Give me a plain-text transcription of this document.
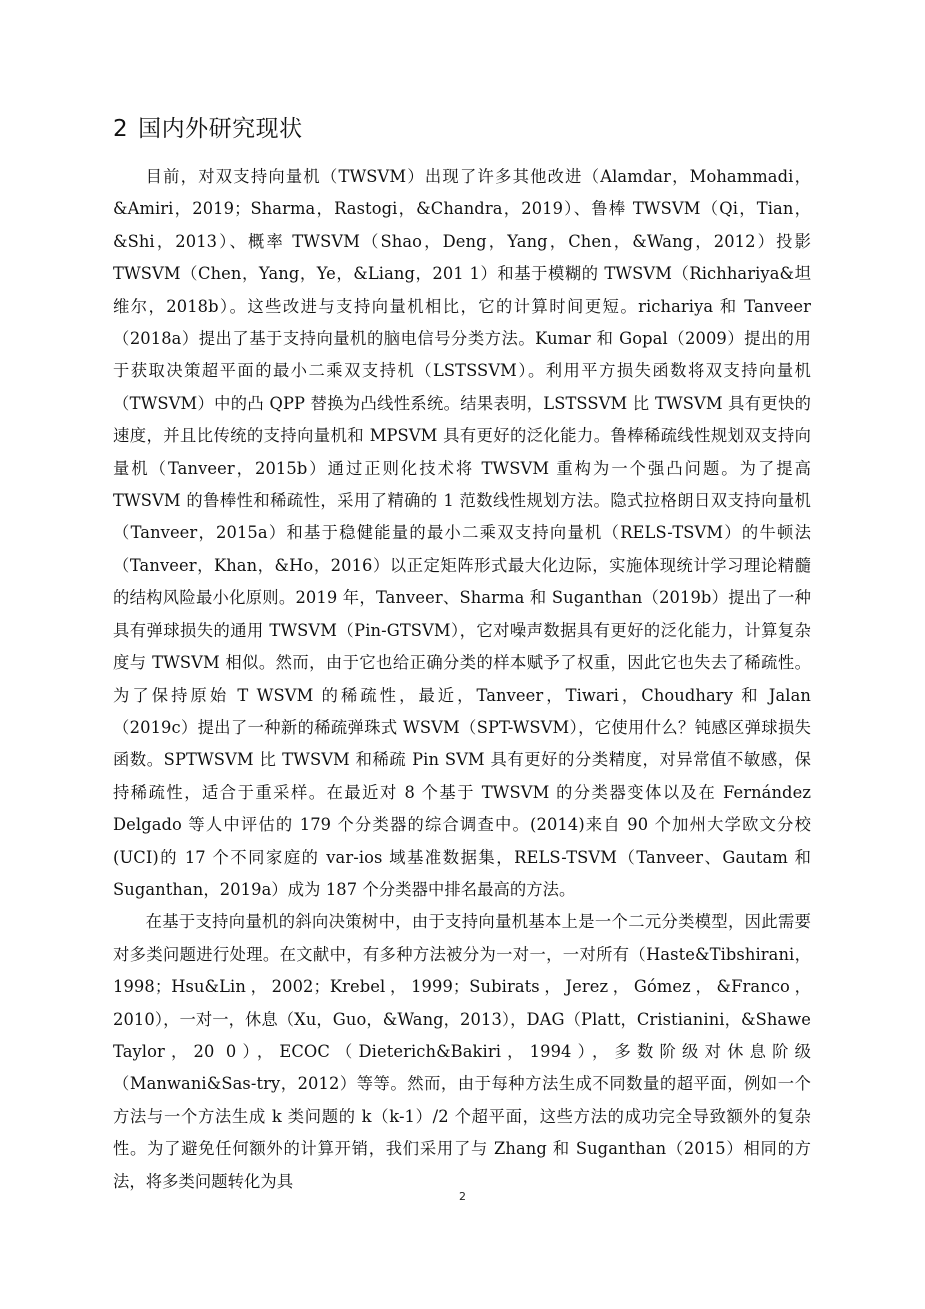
2 国内外研究现状

目前，对双支持向量机（TWSVM）出现了许多其他改进（Alamdar，Mohammadi，&Amiri，2019；Sharma，Rastogi，&Chandra，2019）、鲁棒 TWSVM（Qi，Tian，&Shi，2013）、概率 TWSVM（Shao，Deng，Yang，Chen，&Wang，2012）投影 TWSVM（Chen，Yang，Ye，&Liang，201 1）和基于模糊的 TWSVM（Richhariya&坦维尔，2018b）。这些改进与支持向量机相比，它的计算时间更短。richariya 和 Tanveer（2018a）提出了基于支持向量机的脑电信号分类方法。Kumar 和 Gopal（2009）提出的用于获取决策超平面的最小二乘双支持机（LSTSSVM）。利用平方损失函数将双支持向量机（TWSVM）中的凸 QPP 替换为凸线性系统。结果表明，LSTSSVM 比 TWSVM 具有更快的速度，并且比传统的支持向量机和 MPSVM 具有更好的泛化能力。鲁棒稀疏线性规划双支持向量机（Tanveer，2015b）通过正则化技术将 TWSVM 重构为一个强凸问题。为了提高 TWSVM 的鲁棒性和稀疏性，采用了精确的 1 范数线性规划方法。隐式拉格朗日双支持向量机（Tanveer，2015a）和基于稳健能量的最小二乘双支持向量机（RELS-TSVM）的牛顿法（Tanveer，Khan，&Ho，2016）以正定矩阵形式最大化边际，实施体现统计学习理论精髓的结构风险最小化原则。2019 年，Tanveer、Sharma 和 Suganthan（2019b）提出了一种具有弹球损失的通用 TWSVM（Pin-GTSVM），它对噪声数据具有更好的泛化能力，计算复杂度与 TWSVM 相似。然而，由于它也给正确分类的样本赋予了权重，因此它也失去了稀疏性。为了保持原始 T WSVM 的稀疏性，最近，Tanveer，Tiwari，Choudhary 和 Jalan（2019c）提出了一种新的稀疏弹珠式 WSVM（SPT-WSVM），它使用什么？钝感区弹球损失函数。SPTWSVM 比 TWSVM 和稀疏 Pin SVM 具有更好的分类精度，对异常值不敏感，保持稀疏性，适合于重采样。在最近对 8 个基于 TWSVM 的分类器变体以及在 Fernández Delgado 等人中评估的 179 个分类器的综合调查中。(2014)来自 90 个加州大学欧文分校(UCI)的 17 个不同家庭的 var-ios 域基准数据集，RELS-TSVM（Tanveer、Gautam 和 Suganthan，2019a）成为 187 个分类器中排名最高的方法。

在基于支持向量机的斜向决策树中，由于支持向量机基本上是一个二元分类模型，因此需要对多类问题进行处理。在文献中，有多种方法被分为一对一，一对所有（Haste&Tibshirani，1998；Hsu&Lin，2002；Krebel，1999；Subirats，Jerez，Gómez，&Franco，2010），一对一，休息（Xu，Guo，&Wang，2013），DAG（Platt，Cristianini，&Shawe Taylor，20 0），ECOC（Dieterich&Bakiri，1994），多数阶级对休息阶级（Manwani&Sas-try，2012）等等。然而，由于每种方法生成不同数量的超平面，例如一个方法与一个方法生成 k 类问题的 k（k-1）/2 个超平面，这些方法的成功完全导致额外的复杂性。为了避免任何额外的计算开销，我们采用了与 Zhang 和 Suganthan（2015）相同的方法，将多类问题转化为具

2
